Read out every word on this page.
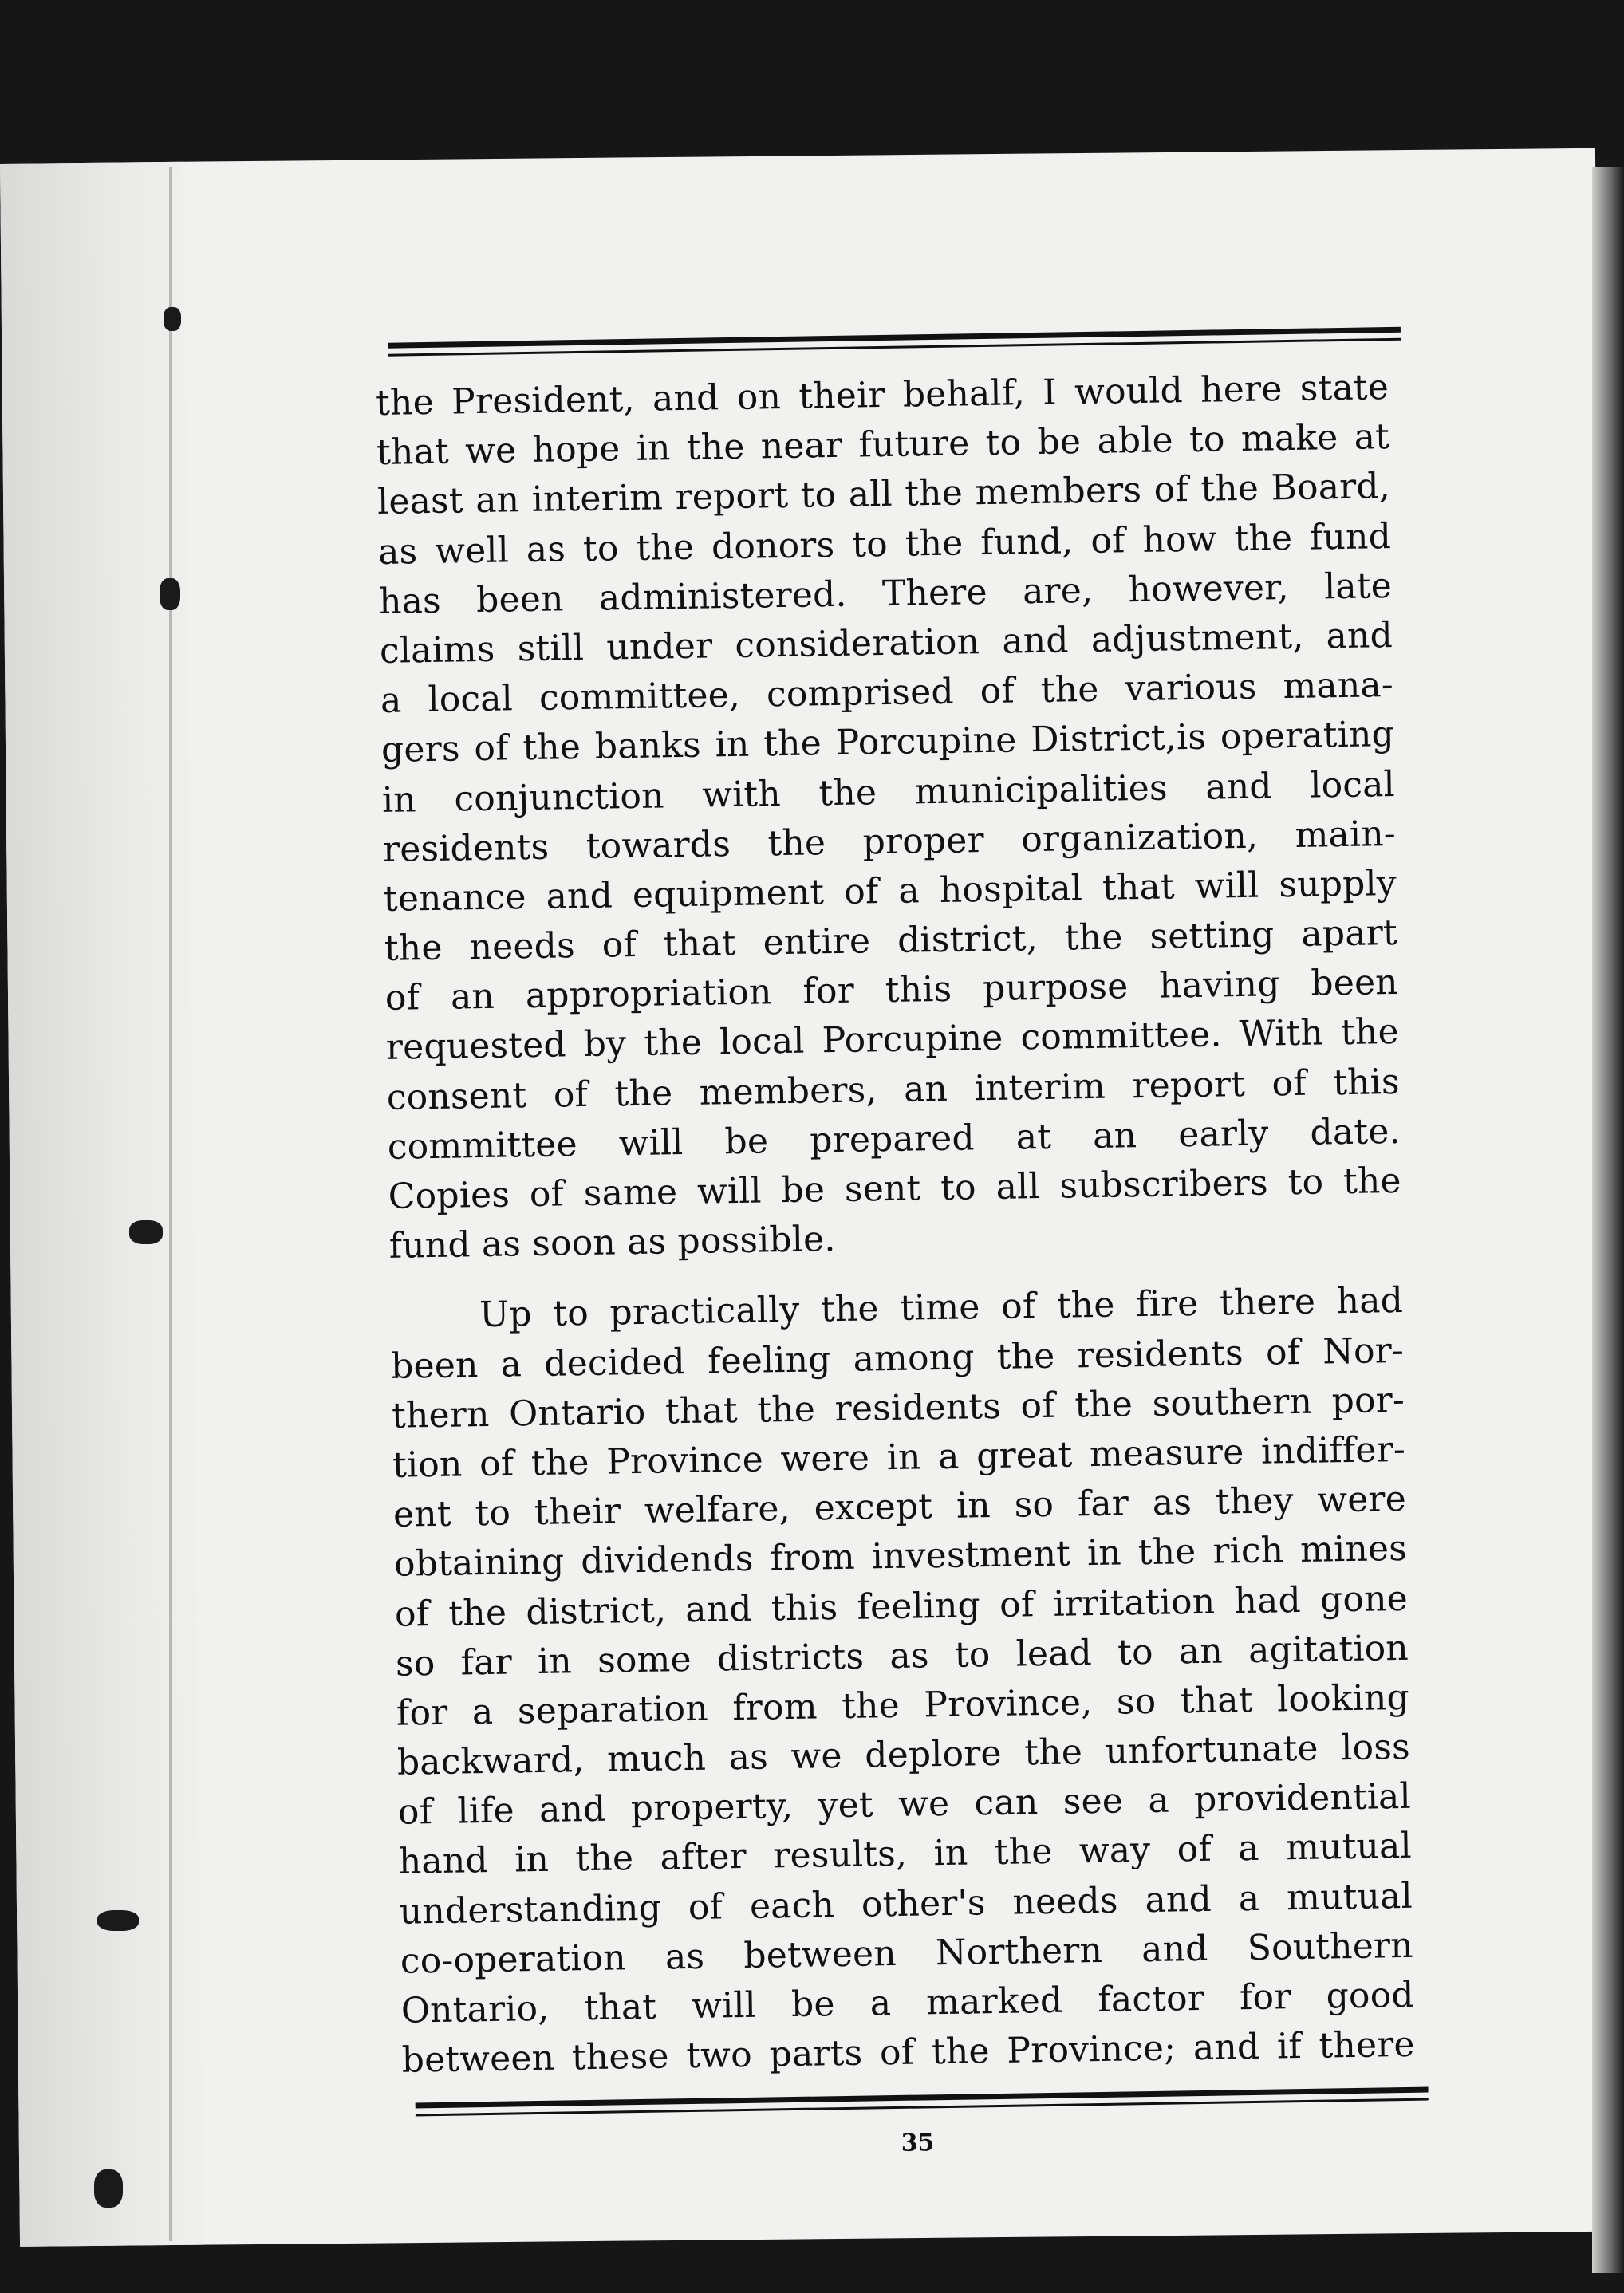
the President, and on their behalf, I would here state
that we hope in the near future to be able to make at
least an interim report to all the members of the Board,
as well as to the donors to the fund, of how the fund
has been administered. There are, however, late
claims still under consideration and adjustment, and
a local committee, comprised of the various mana-
gers of the banks in the Porcupine District,is operating
in conjunction with the municipalities and local
residents towards the proper organization, main-
tenance and equipment of a hospital that will supply
the needs of that entire district, the setting apart
of an appropriation for this purpose having been
requested by the local Porcupine committee. With the
consent of the members, an interim report of this
committee will be prepared at an early date.
Copies of same will be sent to all subscribers to the
fund as soon as possible.
Up to practically the time of the fire there had
been a decided feeling among the residents of Nor-
thern Ontario that the residents of the southern por-
tion of the Province were in a great measure indiffer-
ent to their welfare, except in so far as they were
obtaining dividends from investment in the rich mines
of the district, and this feeling of irritation had gone
so far in some districts as to lead to an agitation
for a separation from the Province, so that looking
backward, much as we deplore the unfortunate loss
of life and property, yet we can see a providential
hand in the after results, in the way of a mutual
understanding of each other's needs and a mutual
co-operation as between Northern and Southern
Ontario, that will be a marked factor for good
between these two parts of the Province; and if there
35
